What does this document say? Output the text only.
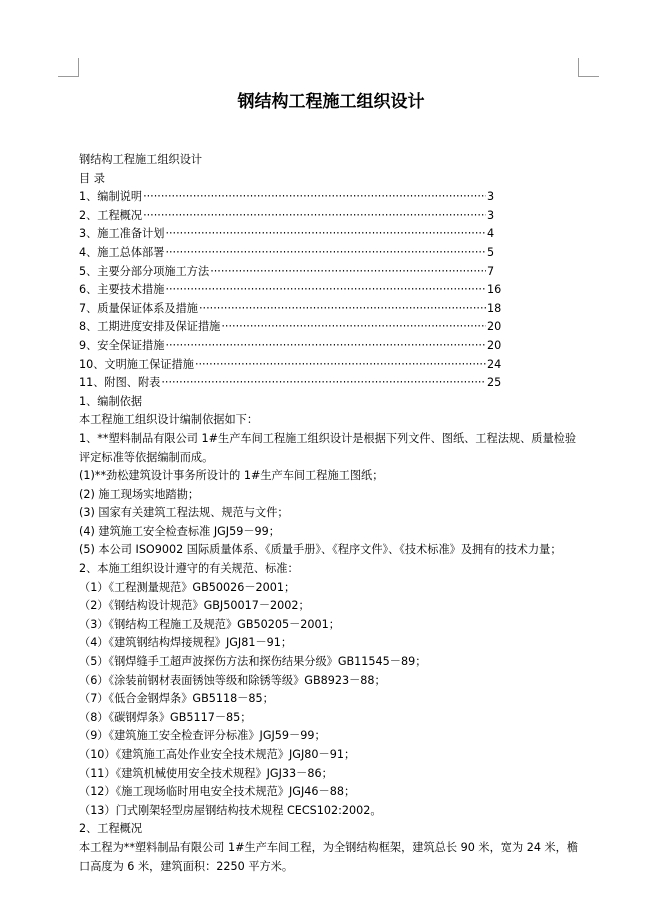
钢结构工程施工组织设计
钢结构工程施工组织设计
目 录
1、编制说明 ·····	3
2、工程概况 ·····	3
3、施工准备计划 ·····	4
4、施工总体部署 ·····	5
5、主要分部分项施工方法 ·····	7
6、主要技术措施 ·····	16
7、质量保证体系及措施 ·····	18
8、工期进度安排及保证措施 ·····	20
9、安全保证措施 ·····	20
10、文明施工保证措施 ·····	24
11、附图、附表 ·····	25
1、编制依据
本工程施工组织设计编制依据如下：
1、**塑料制品有限公司 1#生产车间工程施工组织设计是根据下列文件、图纸、工程法规、质量检验评定标准等依据编制而成。
(1)**劲松建筑设计事务所设计的 1#生产车间工程施工图纸；
(2) 施工现场实地踏勘；
(3) 国家有关建筑工程法规、规范与文件；
(4) 建筑施工安全检查标准 JGJ59－99；
(5) 本公司 ISO9002 国际质量体系、《质量手册》、《程序文件》、《技术标准》及拥有的技术力量；
2、本施工组织设计遵守的有关规范、标准：
（1）《工程测量规范》GB50026－2001；
（2）《钢结构设计规范》GBJ50017－2002；
（3）《钢结构工程施工及规范》GB50205－2001；
（4）《建筑钢结构焊接规程》JGJ81－91；
（5）《钢焊缝手工超声波探伤方法和探伤结果分级》GB11545－89；
（6）《涂装前钢材表面锈蚀等级和除锈等级》GB8923－88；
（7）《低合金钢焊条》GB5118－85；
（8）《碳钢焊条》GB5117－85；
（9）《建筑施工安全检查评分标准》JGJ59－99；
（10）《建筑施工高处作业安全技术规范》JGJ80－91；
（11）《建筑机械使用安全技术规程》JGJ33－86；
（12）《施工现场临时用电安全技术规范》JGJ46－88；
（13）门式刚架轻型房屋钢结构技术规程 CECS102:2002。
2、工程概况
本工程为**塑料制品有限公司 1#生产车间工程，为全钢结构框架，建筑总长 90 米，宽为 24 米，檐口高度为 6 米，建筑面积：2250 平方米。
